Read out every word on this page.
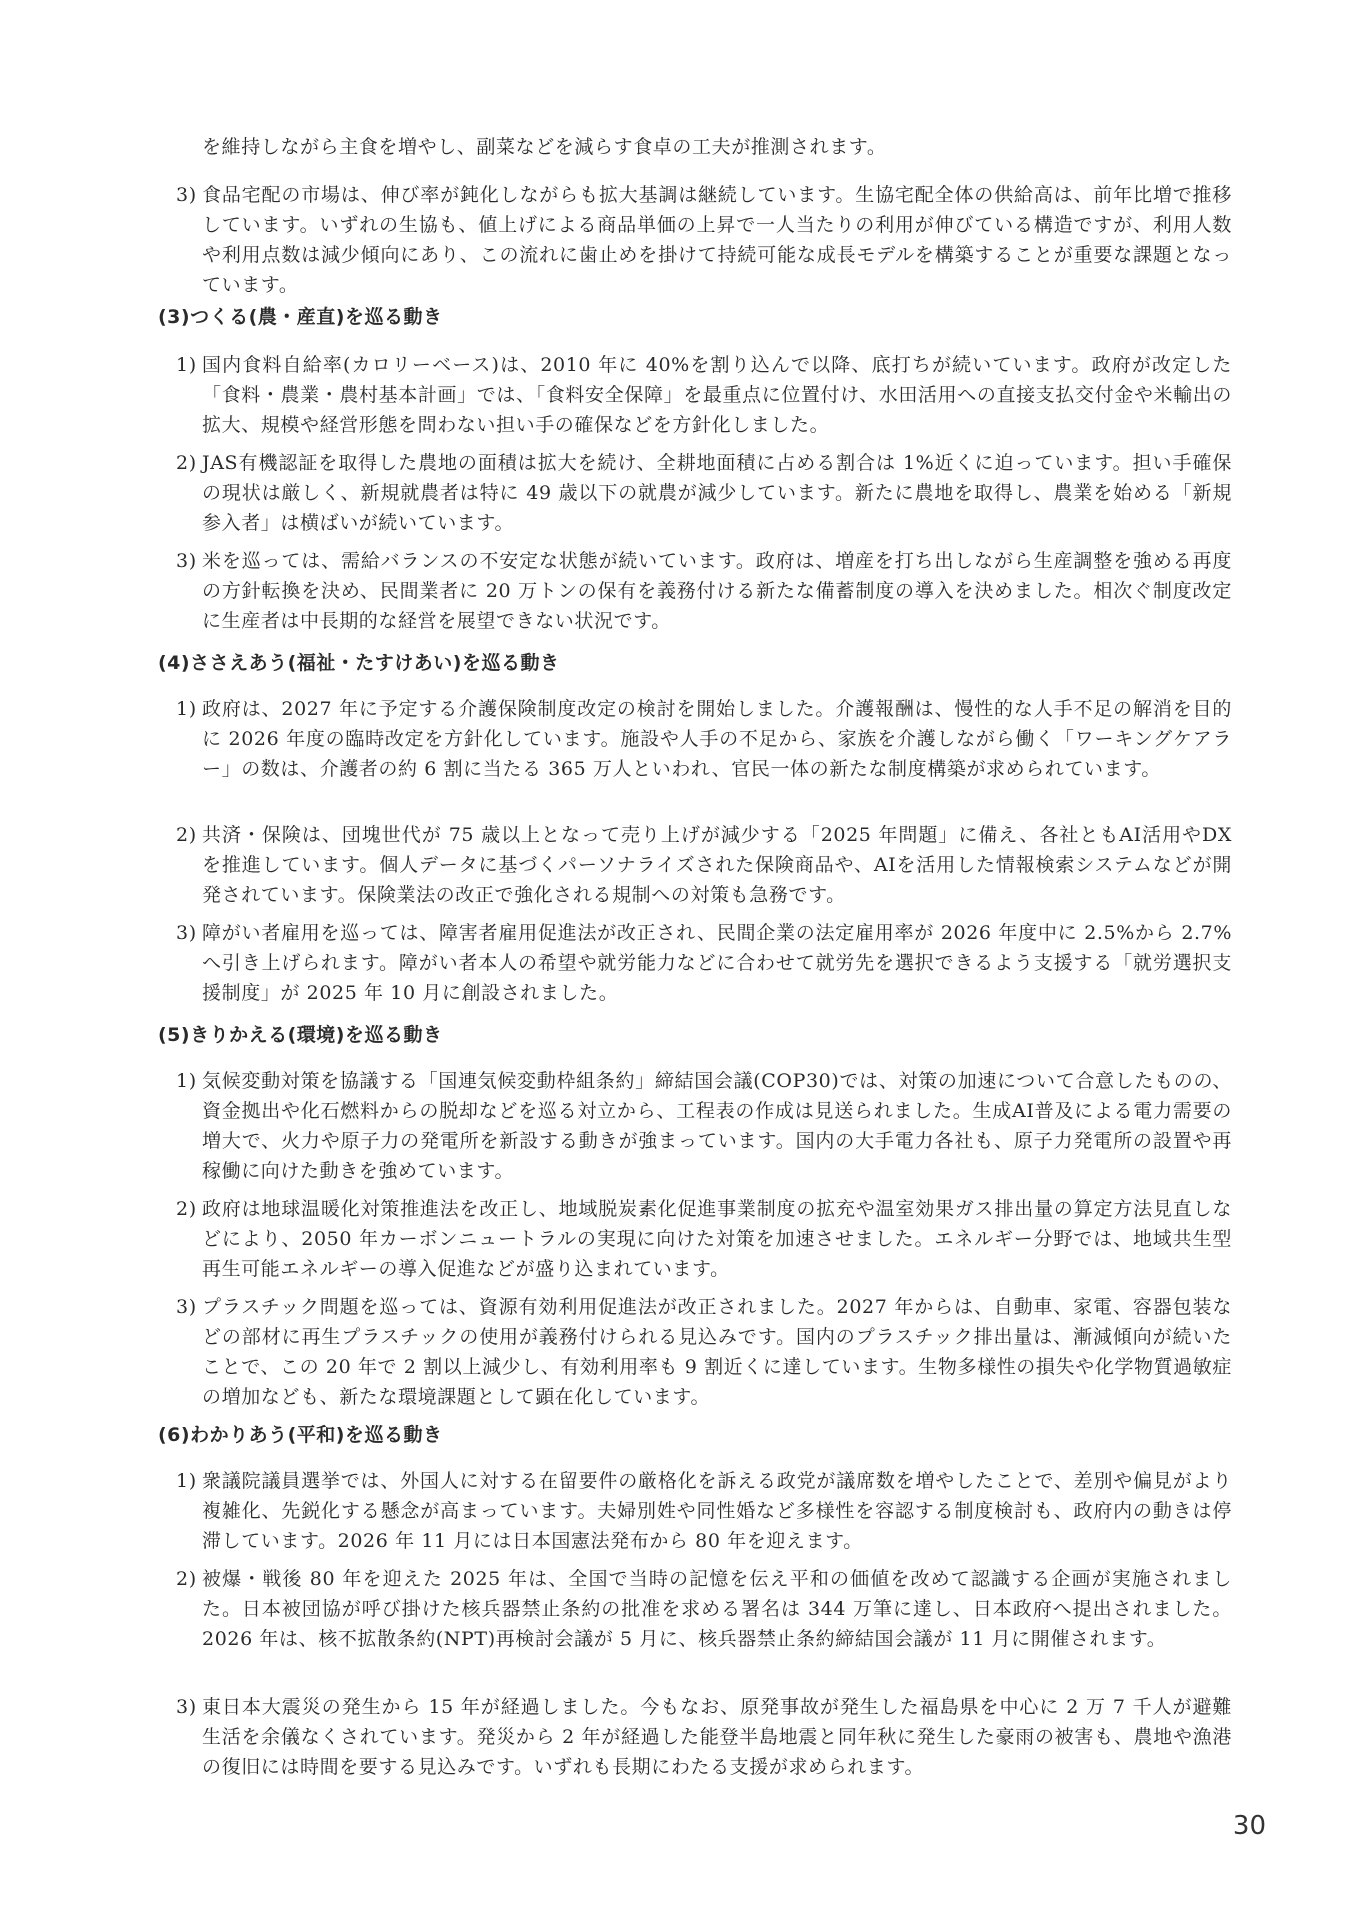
を維持しながら主食を増やし、副菜などを減らす食卓の工夫が推測されます。

3) 食品宅配の市場は、伸び率が鈍化しながらも拡大基調は継続しています。生協宅配全体の供給高は、前年比増で推移しています。いずれの生協も、値上げによる商品単価の上昇で一人当たりの利用が伸びている構造ですが、利用人数や利用点数は減少傾向にあり、この流れに歯止めを掛けて持続可能な成長モデルを構築することが重要な課題となっています。
(3)つくる(農・産直)を巡る動き
1) 国内食料自給率(カロリーベース)は、2010 年に 40%を割り込んで以降、底打ちが続いています。政府が改定した「食料・農業・農村基本計画」では、「食料安全保障」を最重点に位置付け、水田活用への直接支払交付金や米輸出の拡大、規模や経営形態を問わない担い手の確保などを方針化しました。
2) JAS有機認証を取得した農地の面積は拡大を続け、全耕地面積に占める割合は 1%近くに迫っています。担い手確保の現状は厳しく、新規就農者は特に 49 歳以下の就農が減少しています。新たに農地を取得し、農業を始める「新規参入者」は横ばいが続いています。
3) 米を巡っては、需給バランスの不安定な状態が続いています。政府は、増産を打ち出しながら生産調整を強める再度の方針転換を決め、民間業者に 20 万トンの保有を義務付ける新たな備蓄制度の導入を決めました。相次ぐ制度改定に生産者は中長期的な経営を展望できない状況です。
(4)ささえあう(福祉・たすけあい)を巡る動き
1) 政府は、2027 年に予定する介護保険制度改定の検討を開始しました。介護報酬は、慢性的な人手不足の解消を目的に 2026 年度の臨時改定を方針化しています。施設や人手の不足から、家族を介護しながら働く「ワーキングケアラー」の数は、介護者の約 6 割に当たる 365 万人といわれ、官民一体の新たな制度構築が求められています。
2) 共済・保険は、団塊世代が 75 歳以上となって売り上げが減少する「2025 年問題」に備え、各社ともAI活用やDXを推進しています。個人データに基づくパーソナライズされた保険商品や、AIを活用した情報検索システムなどが開発されています。保険業法の改正で強化される規制への対策も急務です。
3) 障がい者雇用を巡っては、障害者雇用促進法が改正され、民間企業の法定雇用率が 2026 年度中に 2.5%から 2.7%へ引き上げられます。障がい者本人の希望や就労能力などに合わせて就労先を選択できるよう支援する「就労選択支援制度」が 2025 年 10 月に創設されました。
(5)きりかえる(環境)を巡る動き
1) 気候変動対策を協議する「国連気候変動枠組条約」締結国会議(COP30)では、対策の加速について合意したものの、資金拠出や化石燃料からの脱却などを巡る対立から、工程表の作成は見送られました。生成AI普及による電力需要の増大で、火力や原子力の発電所を新設する動きが強まっています。国内の大手電力各社も、原子力発電所の設置や再稼働に向けた動きを強めています。
2) 政府は地球温暖化対策推進法を改正し、地域脱炭素化促進事業制度の拡充や温室効果ガス排出量の算定方法見直しなどにより、2050 年カーボンニュートラルの実現に向けた対策を加速させました。エネルギー分野では、地域共生型再生可能エネルギーの導入促進などが盛り込まれています。
3) プラスチック問題を巡っては、資源有効利用促進法が改正されました。2027 年からは、自動車、家電、容器包装などの部材に再生プラスチックの使用が義務付けられる見込みです。国内のプラスチック排出量は、漸減傾向が続いたことで、この 20 年で 2 割以上減少し、有効利用率も 9 割近くに達しています。生物多様性の損失や化学物質過敏症の増加なども、新たな環境課題として顕在化しています。
(6)わかりあう(平和)を巡る動き
1) 衆議院議員選挙では、外国人に対する在留要件の厳格化を訴える政党が議席数を増やしたことで、差別や偏見がより複雑化、先鋭化する懸念が高まっています。夫婦別姓や同性婚など多様性を容認する制度検討も、政府内の動きは停滞しています。2026 年 11 月には日本国憲法発布から 80 年を迎えます。
2) 被爆・戦後 80 年を迎えた 2025 年は、全国で当時の記憶を伝え平和の価値を改めて認識する企画が実施されました。日本被団協が呼び掛けた核兵器禁止条約の批准を求める署名は 344 万筆に達し、日本政府へ提出されました。2026 年は、核不拡散条約(NPT)再検討会議が 5 月に、核兵器禁止条約締結国会議が 11 月に開催されます。
3) 東日本大震災の発生から 15 年が経過しました。今もなお、原発事故が発生した福島県を中心に 2 万 7 千人が避難生活を余儀なくされています。発災から 2 年が経過した能登半島地震と同年秋に発生した豪雨の被害も、農地や漁港の復旧には時間を要する見込みです。いずれも長期にわたる支援が求められます。
30
